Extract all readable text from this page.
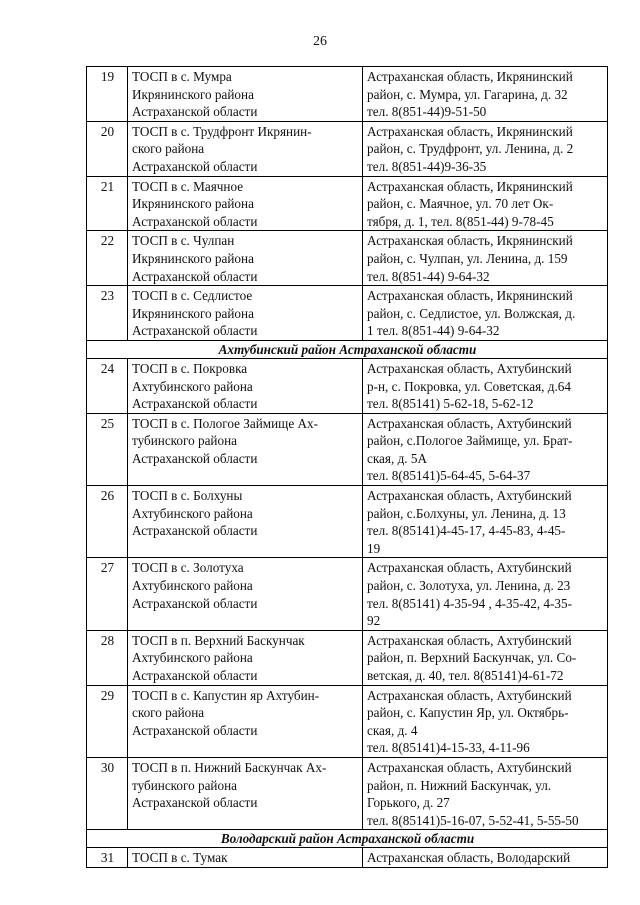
26
19	ТОСП в с. Мумра
Икрянинского района
Астраханской области	Астраханская область, Икрянинский
район, с. Мумра, ул. Гагарина, д. 32
тел. 8(851-44)9-51-50

20	ТОСП в с. Трудфронт Икрянин-
ского района
Астраханской области	Астраханская область, Икрянинский
район, с. Трудфронт, ул. Ленина, д. 2
тел. 8(851-44)9-36-35

21	ТОСП в с. Маячное
Икрянинского района
Астраханской области	Астраханская область, Икрянинский
район, с. Маячное, ул. 70 лет Ок-
тября, д. 1, тел. 8(851-44) 9-78-45

22	ТОСП в с. Чулпан
Икрянинского района
Астраханской области	Астраханская область, Икрянинский
район, с. Чулпан, ул. Ленина, д. 159
тел. 8(851-44) 9-64-32

23	ТОСП в с. Седлистое
Икрянинского района
Астраханской области	Астраханская область, Икрянинский
район, с. Седлистое, ул. Волжская, д.
1 тел. 8(851-44) 9-64-32

Ахтубинский район Астраханской области		
24	ТОСП в с. Покровка
Ахтубинского района
Астраханской области	Астраханская область, Ахтубинский
р-н, с. Покровка, ул. Советская, д.64
тел. 8(85141) 5-62-18, 5-62-12

25	ТОСП в с. Пологое Займище Ах-
тубинского района
Астраханской области	Астраханская область, Ахтубинский
район, с.Пологое Займище, ул. Брат-
ская, д. 5А
тел. 8(85141)5-64-45, 5-64-37

26	ТОСП в с. Болхуны
Ахтубинского района
Астраханской области	Астраханская область, Ахтубинский
район, с.Болхуны, ул. Ленина, д. 13
тел. 8(85141)4-45-17, 4-45-83, 4-45-
19

27	ТОСП в с. Золотуха
Ахтубинского района
Астраханской области	Астраханская область, Ахтубинский
район, с. Золотуха, ул. Ленина, д. 23
тел. 8(85141) 4-35-94 , 4-35-42, 4-35-
92

28	ТОСП в п. Верхний Баскунчак
Ахтубинского района
Астраханской области	Астраханская область, Ахтубинский
район, п. Верхний Баскунчак, ул. Со-
ветская, д. 40, тел. 8(85141)4-61-72

29	ТОСП в с. Капустин яр Ахтубин-
ского района
Астраханской области	Астраханская область, Ахтубинский
район, с. Капустин Яр, ул. Октябрь-
ская, д. 4
тел. 8(85141)4-15-33, 4-11-96

30	ТОСП в п. Нижний Баскунчак Ах-
тубинского района
Астраханской области	Астраханская область, Ахтубинский
район, п. Нижний Баскунчак, ул.
Горького, д. 27
тел. 8(85141)5-16-07, 5-52-41, 5-55-50

Володарский район Астраханской области		
31	ТОСП в с. Тумак	Астраханская область, Володарский
